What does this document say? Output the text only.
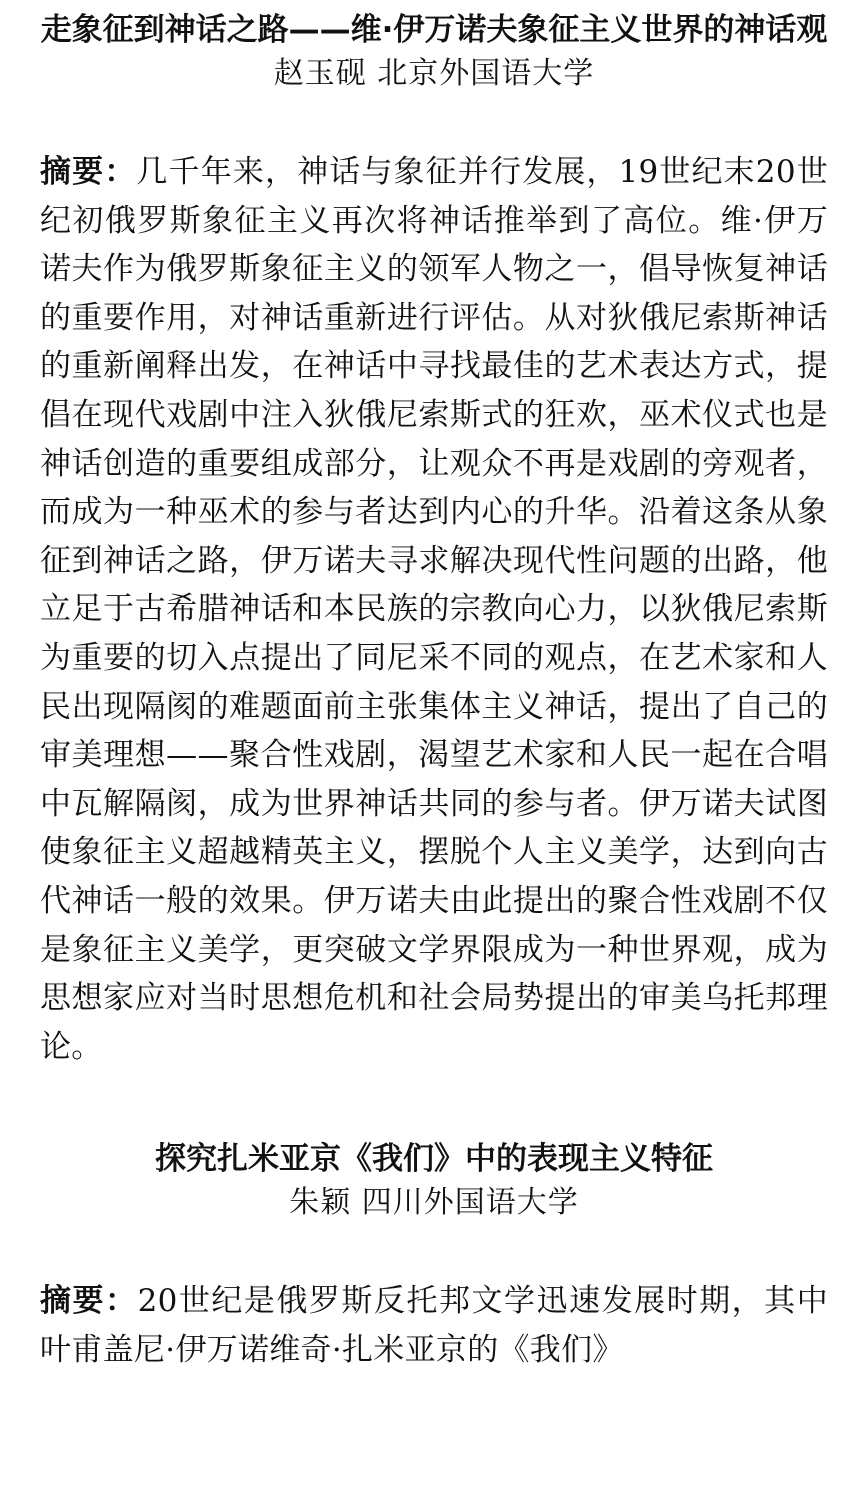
走象征到神话之路——维·伊万诺夫象征主义世界的神话观

赵玉砚 北京外国语大学

摘要：几千年来，神话与象征并行发展，19世纪末20世纪初俄罗斯象征主义再次将神话推举到了高位。维·伊万诺夫作为俄罗斯象征主义的领军人物之一，倡导恢复神话的重要作用，对神话重新进行评估。从对狄俄尼索斯神话的重新阐释出发，在神话中寻找最佳的艺术表达方式，提倡在现代戏剧中注入狄俄尼索斯式的狂欢，巫术仪式也是神话创造的重要组成部分，让观众不再是戏剧的旁观者，而成为一种巫术的参与者达到内心的升华。沿着这条从象征到神话之路，伊万诺夫寻求解决现代性问题的出路，他立足于古希腊神话和本民族的宗教向心力，以狄俄尼索斯为重要的切入点提出了同尼采不同的观点，在艺术家和人民出现隔阂的难题面前主张集体主义神话，提出了自己的审美理想——聚合性戏剧，渴望艺术家和人民一起在合唱中瓦解隔阂，成为世界神话共同的参与者。伊万诺夫试图使象征主义超越精英主义，摆脱个人主义美学，达到向古代神话一般的效果。伊万诺夫由此提出的聚合性戏剧不仅是象征主义美学，更突破文学界限成为一种世界观，成为思想家应对当时思想危机和社会局势提出的审美乌托邦理论。

探究扎米亚京《我们》中的表现主义特征

朱颖 四川外国语大学

摘要：20世纪是俄罗斯反托邦文学迅速发展时期，其中叶甫盖尼·伊万诺维奇·扎米亚京的《我们》
